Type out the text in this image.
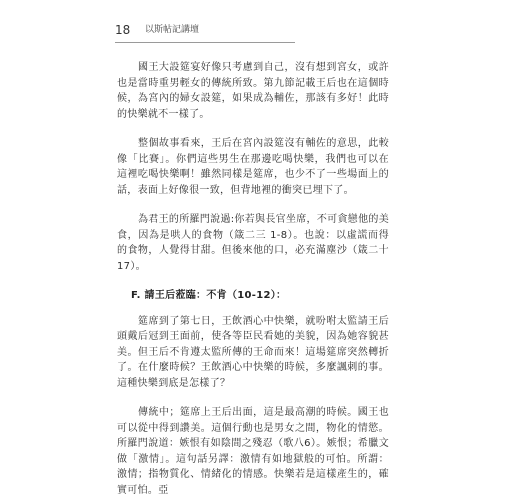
18 以斯帖記講壇

國王大設筵宴好像只考慮到自己，沒有想到宮女，或許也是當時重男輕女的傳統所致。第九節記載王后也在這個時候，為宮內的婦女設筵，如果成為輔佐，那該有多好！此時的快樂就不一樣了。

整個故事看來，王后在宮內設筵沒有輔佐的意思，此較像「比賽」。你們這些男生在那邊吃喝快樂，我們也可以在這裡吃喝快樂啊！雖然同樣是筵席，也少不了一些場面上的話，表面上好像很一致，但背地裡的衝突已埋下了。

為君王的所羅門說過:你若與長官坐席，不可貪戀他的美食，因為是哄人的食物（箴二三 1-8）。也說：以虛謊而得的食物，人覺得甘甜。但後來他的口，必充滿塵沙（箴二十 17）。

F. 請王后蒞臨：不肯（10-12）：

筵席到了第七日，王飲酒心中快樂，就吩咐太監請王后頭戴后冠到王面前，使各等臣民看她的美貌，因為她容貌甚美。但王后不肯遵太監所傳的王命而來！這場筵席突然轉折了。在什麼時候？王飲酒心中快樂的時候，多麼諷刺的事。這種快樂到底是怎樣了？

傳統中；筵席上王后出面，這是最高潮的時候。國王也可以從中得到讚美。這個行動也是男女之間，物化的情慾。所羅門說道：嫉恨有如陰間之殘忍（歌八6）。嫉恨；希臘文做「激情」。這句話另譯：激情有如地獄般的可怕。所謂：激情；指物質化、情緒化的情感。快樂若是這樣產生的，確實可怕。亞
